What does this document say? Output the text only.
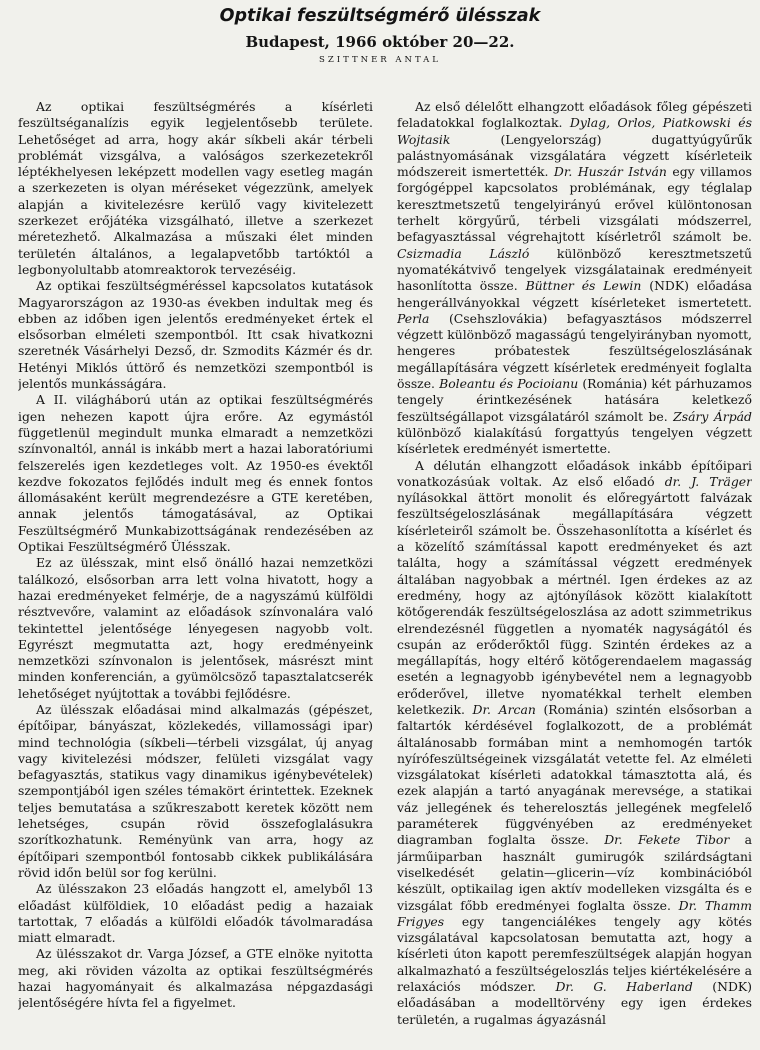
Optikai feszültségmérő ülésszak
Budapest, 1966 október 20—22.
SZITTNER ANTAL

Az optikai feszültségmérés a kísérleti feszültséganalízis egyik legjelentősebb területe. Lehetőséget ad arra, hogy akár síkbeli akár térbeli problémát vizsgálva, a valóságos szerkezetekről léptékhelyesen leképzett modellen vagy esetleg magán a szerkezeten is olyan méréseket végezzünk, amelyek alapján a kivitelezésre kerülő vagy kivitelezett szerkezet erőjátéka vizsgálható, illetve a szerkezet méretezhető. Alkalmazása a műszaki élet minden területén általános, a legalapvetőbb tartóktól a legbonyolultabb atomreaktorok tervezéséig.

Az optikai feszültségméréssel kapcsolatos kutatások Magyarországon az 1930-as években indultak meg és ebben az időben igen jelentős eredményeket értek el elsősorban elméleti szempontból. Itt csak hivatkozni szeretnék Vásárhelyi Dezső, dr. Szmodits Kázmér és dr. Hetényi Miklós úttörő és nemzetközi szempontból is jelentős munkásságára.

A II. világháború után az optikai feszültségmérés igen nehezen kapott újra erőre. Az egymástól függetlenül megindult munka elmaradt a nemzetközi színvonaltól, annál is inkább mert a hazai laboratóriumi felszerelés igen kezdetleges volt. Az 1950-es évektől kezdve fokozatos fejlődés indult meg és ennek fontos állomásaként került megrendezésre a GTE keretében, annak jelentős támogatásával, az Optikai Feszültségmérő Munkabizottságának rendezésében az Optikai Feszültségmérő Ülésszak.

Ez az ülésszak, mint első önálló hazai nemzetközi találkozó, elsősorban arra lett volna hivatott, hogy a hazai eredményeket felmérje, de a nagyszámú külföldi résztvevőre, valamint az előadások színvonalára való tekintettel jelentősége lényegesen nagyobb volt. Egyrészt megmutatta azt, hogy eredményeink nemzetközi színvonalon is jelentősek, másrészt mint minden konferencián, a gyümölcsöző tapasztalatcserék lehetőséget nyújtottak a további fejlődésre.

Az ülésszak előadásai mind alkalmazás (gépészet, építőipar, bányászat, közlekedés, villamossági ipar) mind technológia (síkbeli—térbeli vizsgálat, új anyag vagy kivitelezési módszer, felületi vizsgálat vagy befagyasztás, statikus vagy dinamikus igénybevételek) szempontjából igen széles témakört érintettek. Ezeknek teljes bemutatása a szűkreszabott keretek között nem lehetséges, csupán rövid összefoglalásukra szorítkozhatunk. Reményünk van arra, hogy az építőipari szempontból fontosabb cikkek publikálására rövid időn belül sor fog kerülni.

Az ülésszakon 23 előadás hangzott el, amelyből 13 előadást külföldiek, 10 előadást pedig a hazaiak tartottak, 7 előadás a külföldi előadók távolmaradása miatt elmaradt.

Az ülésszakot dr. Varga József, a GTE elnöke nyitotta meg, aki röviden vázolta az optikai feszültségmérés hazai hagyományait és alkalmazása népgazdasági jelentőségére hívta fel a figyelmet.

Az első délelőtt elhangzott előadások főleg gépészeti feladatokkal foglalkoztak. Dylag, Orlos, Piatkowski és Wojtasik (Lengyelország) dugattyúgyűrűk palástnyomásának vizsgálatára végzett kísérleteik módszereit ismertették. Dr. Huszár István egy villamos forgógéppel kapcsolatos problémának, egy téglalap keresztmetszetű tengelyirányú erővel különtonosan terhelt körgyűrű, térbeli vizsgálati módszerrel, befagyasztással végrehajtott kísérletről számolt be. Csizmadia László különböző keresztmetszetű nyomatékátvivő tengelyek vizsgálatainak eredményeit hasonlította össze. Büttner és Lewin (NDK) előadása hengerállványokkal végzett kísérleteket ismertetett. Perla (Csehszlovákia) befagyasztásos módszerrel végzett különböző magasságú tengelyirányban nyomott, hengeres próbatestek feszültségeloszlásának megállapítására végzett kísérletek eredményeit foglalta össze. Boleantu és Pocioianu (Románia) két párhuzamos tengely érintkezésének hatására keletkező feszültségállapot vizsgálatáról számolt be. Zsáry Árpád különböző kialakítású forgattyús tengelyen végzett kísérletek eredményét ismertette.

A délután elhangzott előadások inkább építőipari vonatkozásúak voltak. Az első előadó dr. J. Träger nyílásokkal ättört monolit és előregyártott falvázak feszültségeloszlásának megállapítására végzett kísérleteiről számolt be. Összehasonlította a kísérlet és a közelítő számítással kapott eredményeket és azt találta, hogy a számítással végzett eredmények általában nagyobbak a mértnél. Igen érdekes az az eredmény, hogy az ajtónyílások között kialakított kötőgerendák feszültségeloszlása az adott szimmetrikus elrendezésnél független a nyomaték nagyságától és csupán az erőderőktől függ. Szintén érdekes az a megállapítás, hogy eltérő kötőgerendaelem magasság esetén a legnagyobb igénybevétel nem a legnagyobb erőderővel, illetve nyomatékkal terhelt elemben keletkezik. Dr. Arcan (Románia) szintén elsősorban a faltartók kérdésével foglalkozott, de a problémát általánosabb formában mint a nemhomogén tartók nyírófeszültségeinek vizsgálatát vetette fel. Az elméleti vizsgálatokat kísérleti adatokkal támasztotta alá, és ezek alapján a tartó anyagának merevsége, a statikai váz jellegének és teherelosztás jellegének megfelelő paraméterek függvényében az eredményeket diagramban foglalta össze. Dr. Fekete Tibor a járműiparban használt gumirugók szilárdságtani viselkedését gelatin—glicerin—víz kombinációból készült, optikailag igen aktív modelleken vizsgálta és e vizsgálat főbb eredményei foglalta össze. Dr. Thamm Frigyes egy tangenciálékes tengely agy kötés vizsgálatával kapcsolatosan bemutatta azt, hogy a kísérleti úton kapott peremfeszültségek alapján hogyan alkalmazható a feszültségeloszlás teljes kiértékelésére a relaxációs módszer. Dr. G. Haberland (NDK) előadásában a modelltörvény egy igen érdekes területén, a rugalmas ágyazásnál
